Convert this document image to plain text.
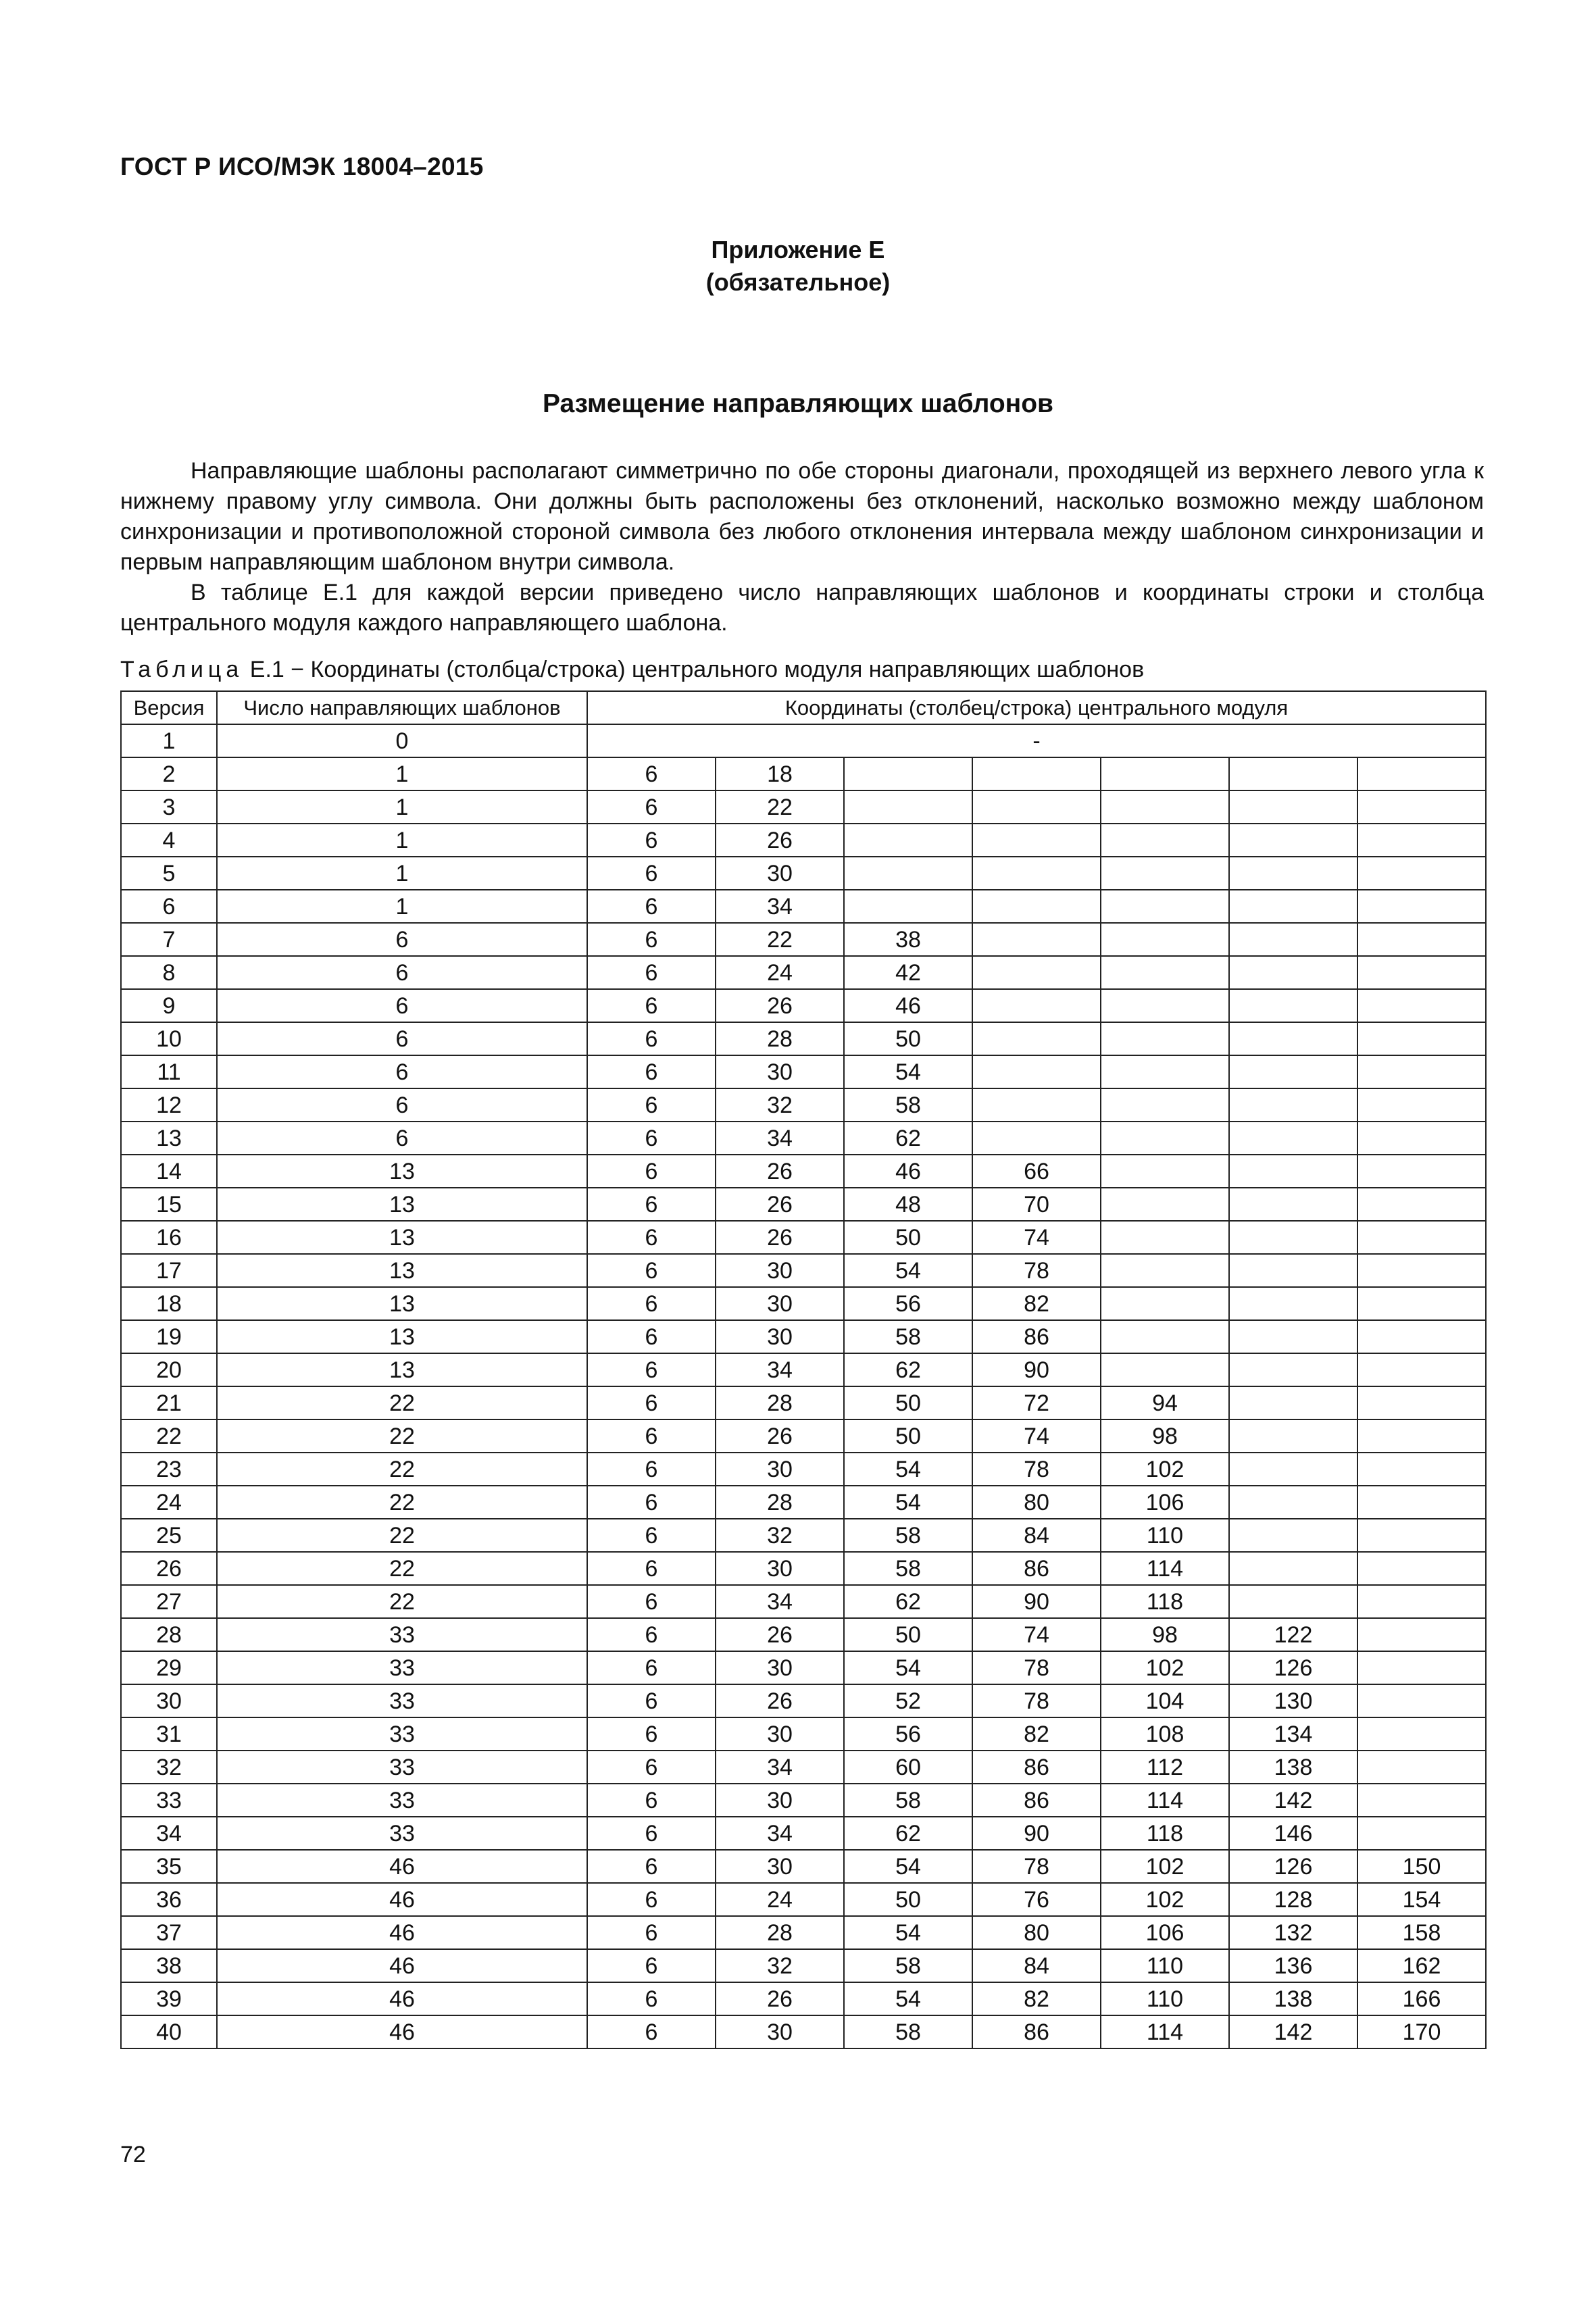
ГОСТ Р ИСО/МЭК 18004–2015
Приложение Е
(обязательное)
Размещение направляющих шаблонов

Направляющие шаблоны располагают симметрично по обе стороны диагонали, проходящей из верхнего левого угла к нижнему правому углу символа. Они должны быть расположены без отклонений, насколько возможно между шаблоном синхронизации и противоположной стороной символа без любого отклонения интервала между шаблоном синхронизации и первым направляющим шаблоном внутри символа.

В таблице Е.1 для каждой версии приведено число направляющих шаблонов и координаты строки и столбца центрального модуля каждого направляющего шаблона.

Таблица Е.1 − Координаты (столбца/строка) центрального модуля направляющих шаблонов
Версия	Число направляющих шаблонов	Координаты (столбец/строка) центрального модуля						
1	0	-						
2	1	6	18					
3	1	6	22					
4	1	6	26					
5	1	6	30					
6	1	6	34					
7	6	6	22	38				
8	6	6	24	42				
9	6	6	26	46				
10	6	6	28	50				
11	6	6	30	54				
12	6	6	32	58				
13	6	6	34	62				
14	13	6	26	46	66			
15	13	6	26	48	70			
16	13	6	26	50	74			
17	13	6	30	54	78			
18	13	6	30	56	82			
19	13	6	30	58	86			
20	13	6	34	62	90			
21	22	6	28	50	72	94		
22	22	6	26	50	74	98		
23	22	6	30	54	78	102		
24	22	6	28	54	80	106		
25	22	6	32	58	84	110		
26	22	6	30	58	86	114		
27	22	6	34	62	90	118		
28	33	6	26	50	74	98	122	
29	33	6	30	54	78	102	126	
30	33	6	26	52	78	104	130	
31	33	6	30	56	82	108	134	
32	33	6	34	60	86	112	138	
33	33	6	30	58	86	114	142	
34	33	6	34	62	90	118	146	
35	46	6	30	54	78	102	126	150
36	46	6	24	50	76	102	128	154
37	46	6	28	54	80	106	132	158
38	46	6	32	58	84	110	136	162
39	46	6	26	54	82	110	138	166
40	46	6	30	58	86	114	142	170
72
